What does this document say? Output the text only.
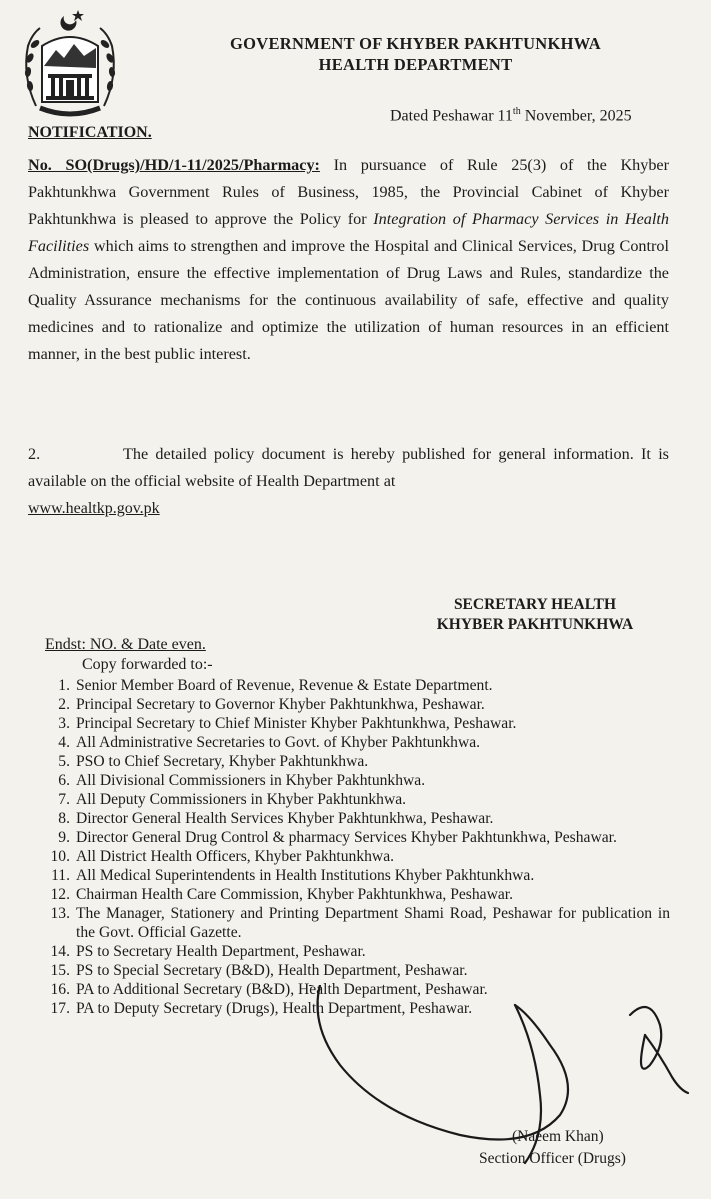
GOVERNMENT OF KHYBER PAKHTUNKHWA
HEALTH DEPARTMENT
Dated Peshawar 11th November, 2025
NOTIFICATION.
No. SO(Drugs)/HD/1-11/2025/Pharmacy: In pursuance of Rule 25(3) of the Khyber Pakhtunkhwa Government Rules of Business, 1985, the Provincial Cabinet of Khyber Pakhtunkhwa is pleased to approve the Policy for Integration of Pharmacy Services in Health Facilities which aims to strengthen and improve the Hospital and Clinical Services, Drug Control Administration, ensure the effective implementation of Drug Laws and Rules, standardize the Quality Assurance mechanisms for the continuous availability of safe, effective and quality medicines and to rationalize and optimize the utilization of human resources in an efficient manner, in the best public interest.
2.	The detailed policy document is hereby published for general information. It is available on the official website of Health Department at
www.healtkp.gov.pk
SECRETARY HEALTH
KHYBER PAKHTUNKHWA
Endst: NO. & Date even.
Copy forwarded to:-
1. Senior Member Board of Revenue, Revenue & Estate Department.
2. Principal Secretary to Governor Khyber Pakhtunkhwa, Peshawar.
3. Principal Secretary to Chief Minister Khyber Pakhtunkhwa, Peshawar.
4. All Administrative Secretaries to Govt. of Khyber Pakhtunkhwa.
5. PSO to Chief Secretary, Khyber Pakhtunkhwa.
6. All Divisional Commissioners in Khyber Pakhtunkhwa.
7. All Deputy Commissioners in Khyber Pakhtunkhwa.
8. Director General Health Services Khyber Pakhtunkhwa, Peshawar.
9. Director General Drug Control & pharmacy Services Khyber Pakhtunkhwa, Peshawar.
10. All District Health Officers, Khyber Pakhtunkhwa.
11. All Medical Superintendents in Health Institutions Khyber Pakhtunkhwa.
12. Chairman Health Care Commission, Khyber Pakhtunkhwa, Peshawar.
13. The Manager, Stationery and Printing Department Shami Road, Peshawar for publication in the Govt. Official Gazette.
14. PS to Secretary Health Department, Peshawar.
15. PS to Special Secretary (B&D), Health Department, Peshawar.
16. PA to Additional Secretary (B&D), Health Department, Peshawar.
17. PA to Deputy Secretary (Drugs), Health Department, Peshawar.
(Naeem Khan)
Section Officer (Drugs)
